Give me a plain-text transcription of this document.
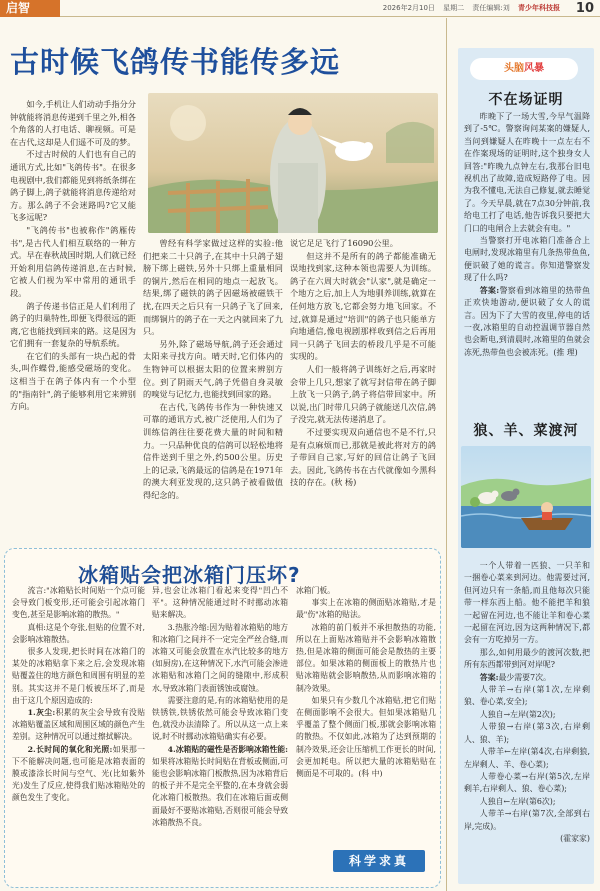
启智	2026年2月10日 星期二 责任编辑:刘 青少年科技报 10
古时候飞鸽传书能传多远

如今,手机让人们动动手指分分钟就能将消息传递到千里之外,相各个角落的人打电话、聊视频。可是在古代,这却是人们遥不可及的梦。

不过古时候的人们也有自己的通讯方式,比如"飞鸽传书"。在很多电视剧中,我们都能见到将纸条绑在鸽子脚上,鸽子就能将消息传递给对方。那么鸽子不会迷路吗?它又能飞多远呢?

"飞鸽传书"也被称作"鸽雁传书",是古代人们相互联络的一种方式。早在春秋战国时期,人们就已经开始利用信鸽传递消息,在古时候,它被人们视为军中常用的通讯手段。

鸽子传递书信正是人们利用了鸽子的归巢特性,即便飞得很远的距离,它也能找到回来的路。这是因为它们拥有一套复杂的导航系统。

在它们的头部有一块凸起的骨头,叫作蝶骨,能感受磁场的变化。这相当于在鸽子体内有一个小型的"指南针",鸽子能够利用它来辨别方向。

曾经有科学家做过这样的实验:他们把来二十只鸽子,在其中十只鸽子翅膀下绑上磁铁,另外十只绑上重量相同的铜片,然后在相同的地点一起放飞。结果,绑了磁铁的鸽子因磁场被磁铁干扰,在四天之后只有一只鸽子飞了回来,而绑铜片的鸽子在一天之内就回来了九只。

另外,除了磁场导航,鸽子还会通过太阳来寻找方向。晴天时,它们体内的生物钟可以根据太阳的位置来辨别方位。到了阴雨天气,鸽子凭借自身灵敏的嗅觉与记忆力,也能找到回家的路。

在古代,飞鸽传书作为一种快速又可靠的通讯方式,被广泛使用,人们为了训练信鸽往往要花费大量的时间和精力。一只品种优良的信鸽可以轻松地将信件送到千里之外,约500公里。历史上的记录,飞鸽最远的信鸽是在1971年的澳大利亚发现的,这只鸽子被看做值得纪念的。

说它足足飞行了16090公里。

但这并不是所有的鸽子都能准确无误地找到家,这种本领也需要人为训练。鸽子在六周大时就会"认家",就是确定一个地方之后,加上人为地驯养训练,就算在任何地方放飞,它都会努力地飞回家。不过,就算是通过"培训"的鸽子也只能单方向地通信,像电视剧那样收到信之后再用同一只鸽子飞回去的桥段几乎是不可能实现的。

人们一般将鸽子训练好之后,再家时会带上几只,想家了就写封信带在鸽子脚上放飞一只鸽子,鸽子将信带回家中。所以说,出门时带几只鸽子就能送几次信,鸽子没完,就无法传递消息了。

不过要实现双向通信也不是不行,只是有点麻烦而已,那就是被此将对方的鸽子带回自己家,写好的回信让鸽子飞回去。因此,飞鸽传书在古代就像如今黑科技的存在。(秋 杨)

冰箱贴会把冰箱门压坏?

流言:"冰箱贴长时间贴一个点可能会导致门板变形,还可能会引起冰箱门变色,甚至是影响冰箱的散热。"

真相:这是个夸张,但贴的位置不对,会影响冰箱散热。

很多人发现,把长时间在冰箱门的某处的冰箱贴拿下来之后,会发现冰箱贴覆盖住的地方颜色和周围有明显的差别。其实这并不是门板被压坏了,而是由于这几个原因造成的:

1.灰尘:积累的灰尘会导致有没贴冰箱贴覆盖区域和周围区域的颜色产生差别。这种情况可以通过擦拭解决。

2.长时间的氧化和光照:如果那一下不能解决问题,也可能是冰箱表面的膜或漆涂长时间与空气、光(比如紫外光)发生了反应,使得我们贴冰箱贴处的颜色发生了变化。

异,也会让冰箱门看起来变得"凹凸不平"。这种情况能通过时不时挪动冰箱贴来解决。

3.热胀冷缩:因为贴着冰箱贴的地方和冰箱门之间并不一定完全严丝合缝,而冰箱又可能会放置在水汽比较多的地方(如厨房),在这种情况下,水汽可能会渗进冰箱贴和冰箱门之间的缝隙中,形成积水,导致冰箱门表面锈蚀或腐蚀。

需要注意的是,有的冰箱贴使用的是铁锈铁,铁锈依然可能会导致冰箱门变色,就没办法清除了。所以从这一点上来说,时不时挪动冰箱贴确实有必要。

4.冰箱贴的磁性是否影响冰箱性能:如果将冰箱贴长时间贴在背板或侧面,可能也会影响冰箱门板散热,因为冰箱背后的板子并不是完全平整的,在本身就会弱化冰箱门板散热。我们在冰箱后面或侧面最好不要贴冰箱贴,否则很可能会导致冰箱散热不良。

冰箱门板。

事实上在冰箱的侧面贴冰箱贴,才是最"伤"冰箱的贴法。

冰箱的前门板并不承担散热的功能,所以在上面贴冰箱贴并不会影响冰箱散热,但是冰箱的侧面可能会是散热的主要部位。如果冰箱的侧面板上的散热片也贴冰箱贴就会影响散热,从而影响冰箱的制冷效果。

如果只有少数几个冰箱贴,把它们贴在侧面影响不会很大。但如果冰箱贴几乎覆盖了整个侧面门板,那就会影响冰箱的散热。不仅如此,冰箱为了达到预期的制冷效果,还会让压缩机工作更长的时间,会更加耗电。所以把大量的冰箱贴贴在侧面是不可取的。(科 中)

科学求真
头脑风暴
不在场证明

昨晚下了一场大雪,今早气温降到了-5℃。警察询问某案的嫌疑人,当问到嫌疑人在昨晚十一点左右不在作案现场的证明时,这个独身女人回答:"昨晚九点钟左右,我那台旧电视机出了故障,造成短路停了电。因为我不懂电,无法自己修复,就去睡觉了。今天早晨,就在7点30分钟前,我给电工打了电话,他告诉我只要把大门口的电闸合上去就会有电。"

当警察打开电冰箱门准备合上电闸时,发现冰箱里有几条热带鱼鱼,便识破了她的谎言。你知道警察发现了什么吗?

答案:警察看到冰箱里的热带鱼正欢快地游动,便识破了女人的谎言。因为下了大雪的夜里,停电的话一夜,冰箱里的自动控温调节器自然也会断电,到清晨时,冰箱里的鱼就会冻死,热带鱼也会被冻死。(推 理)

狼、羊、菜渡河

一个人带着一匹狼、一只羊和一捆卷心菜来到河边。他需要过河,但河边只有一条船,而且他每次只能带一样东西上船。他不能把羊和狼一起留在河边,也不能让羊和卷心菜一起留在河边,因为这两种情况下,都会有一方吃掉另一方。

那么,如何用最少的渡河次数,把所有东西都带到河对岸呢?

答案:最少需要7次。

人带羊→右岸(第1次,左岸剩狼、卷心菜,安全);

人独自→左岸(第2次);

人带狼→右岸(第3次,右岸剩人、狼、羊);

人带羊←左岸(第4次,右岸剩狼,左岸剩人、羊、卷心菜);

人带卷心菜→右岸(第5次,左岸剩羊,右岸剩人、狼、卷心菜);

人独自←左岸(第6次);

人带羊→右岸(第7次,全部到右岸,完成)。

(霍家家)
